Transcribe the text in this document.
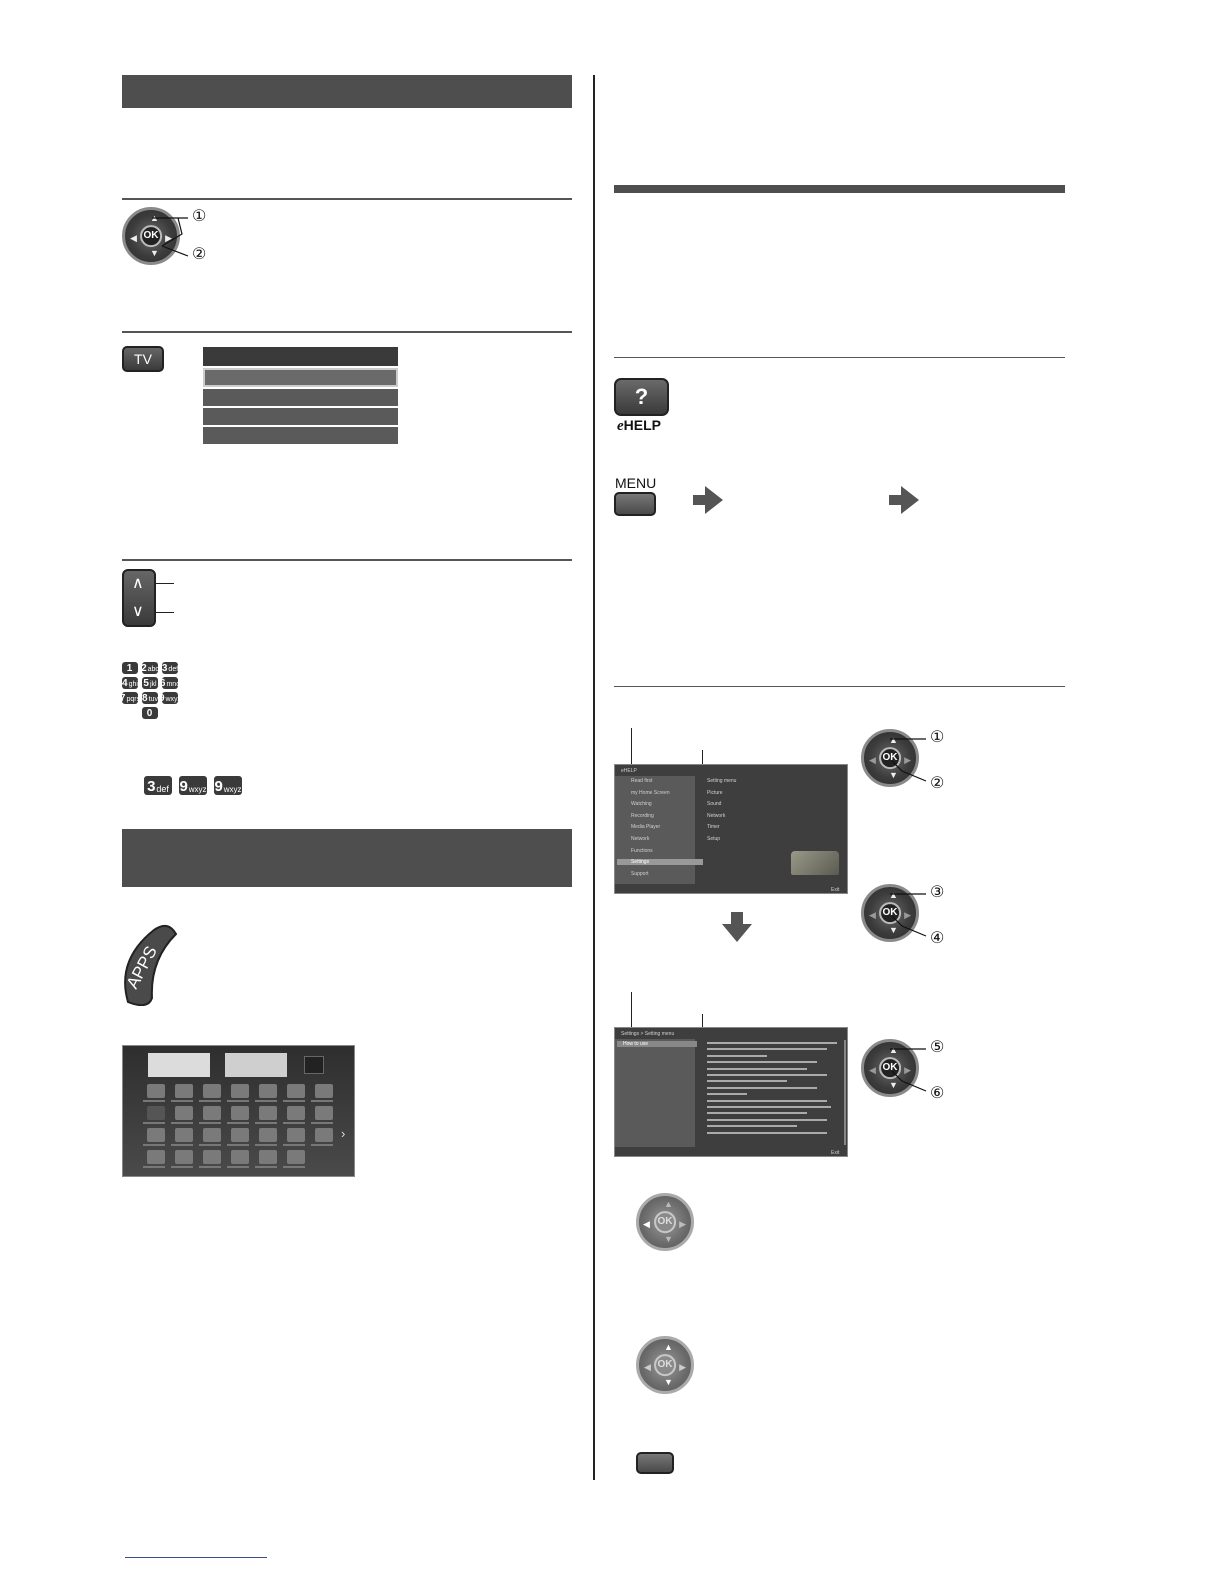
▲
▼
◀	▶
OK
①
②
TV
∧
∨
1 2 abc 3 def
4 ghi 5 jkl 6 mno
7 pqrs 8 tuv 9 wxyz
0
3 def 9 wxyz 9 wxyz
APPS
›
?
eHELP
MENU
eHELP
Read first
my Home Screen
Watching
Recording
Media Player
Network
Functions
Settings
Support
Setting menu
Picture
Sound
Network
Timer
Setup
Exit
Settings > Setting menu
How to use
Exit
▲
▼
◀	▶
OK
①
②
▲
▼
◀	▶
OK
③
④
▲
▼
◀	▶
OK
⑤
⑥
▲
▼
◀	▶
OK
▲
▼
◀	▶
OK
